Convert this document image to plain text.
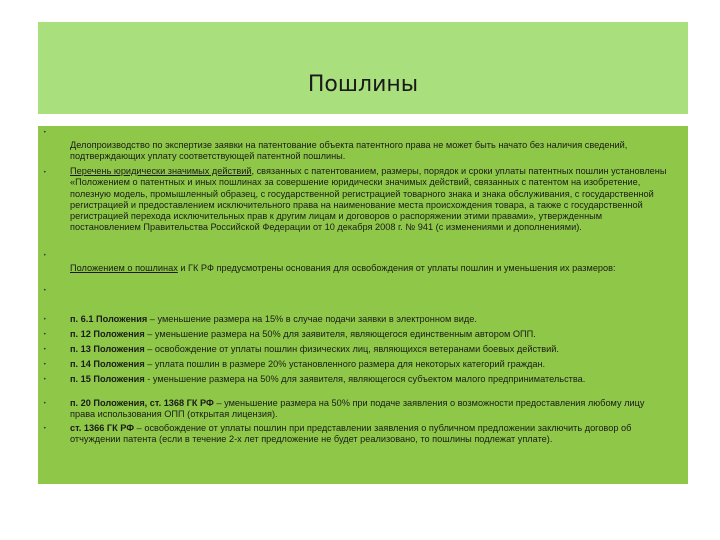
Пошлины
•
Делопроизводство по экспертизе заявки на патентование объекта патентного права не может быть начато без наличия сведений, подтверждающих уплату соответствующей патентной пошлины.
•	Перечень юридически значимых действий, связанных с патентованием, размеры, порядок и сроки уплаты патентных пошлин установлены «Положением о патентных и иных пошлинах за совершение юридически значимых действий, связанных с патентом на изобретение, полезную модель, промышленный образец, с государственной регистрацией товарного знака и знака обслуживания, с государственной регистрацией и предоставлением исключительного права на наименование места происхождения товара, а также с государственной регистрацией перехода исключительных прав к другим лицам и договоров о распоряжении этими правами», утвержденным постановлением Правительства Российской Федерации от 10 декабря 2008 г. № 941 (с изменениями и дополнениями).
•
Положением о пошлинах и ГК РФ предусмотрены основания для освобождения от уплаты пошлин и уменьшения их размеров:
•
•	п. 6.1 Положения – уменьшение размера на 15% в случае подачи заявки в электронном виде.
•	п. 12 Положения – уменьшение размера на 50% для заявителя, являющегося единственным автором ОПП.
•	п. 13 Положения – освобождение от уплаты пошлин физических лиц, являющихся ветеранами боевых действий.
•	п. 14 Положения – уплата пошлин в размере 20% установленного размера для некоторых категорий граждан.
•	п. 15 Положения - уменьшение размера на 50% для заявителя, являющегося субъектом малого предпринимательства.
•	п. 20 Положения, ст. 1368 ГК РФ – уменьшение размера на 50% при подаче заявления о возможности предоставления любому лицу права использования ОПП (открытая лицензия).
•	ст. 1366 ГК РФ – освобождение от уплаты пошлин при представлении заявления о публичном предложении заключить договор об отчуждении патента (если в течение 2-х лет предложение не будет реализовано, то пошлины подлежат уплате).
